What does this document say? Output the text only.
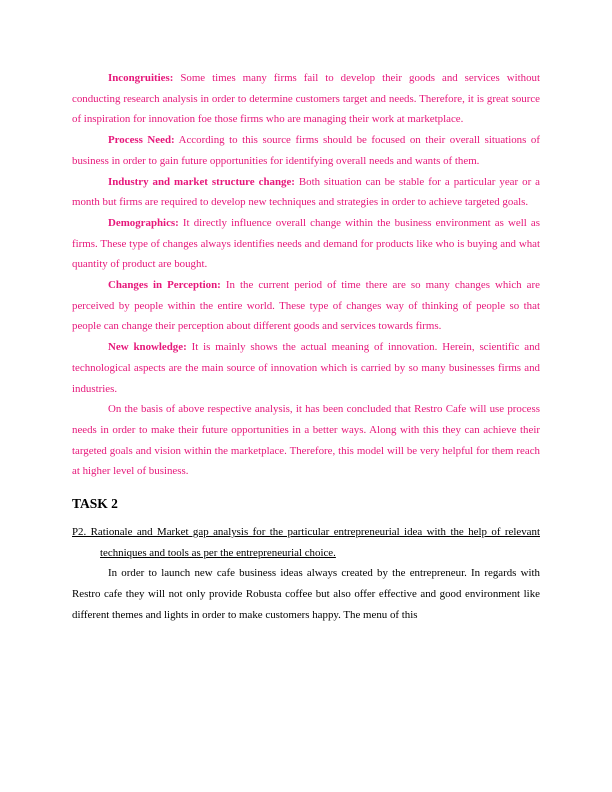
Incongruities: Some times many firms fail to develop their goods and services without conducting research analysis in order to determine customers target and needs. Therefore, it is great source of inspiration for innovation foe those firms who are managing their work at marketplace.

Process Need: According to this source firms should be focused on their overall situations of business in order to gain future opportunities for identifying overall needs and wants of them.

Industry and market structure change: Both situation can be stable for a particular year or a month but firms are required to develop new techniques and strategies in order to achieve targeted goals.

Demographics: It directly influence overall change within the business environment as well as firms. These type of changes always identifies needs and demand for products like who is buying and what quantity of product are bought.

Changes in Perception: In the current period of time there are so many changes which are perceived by people within the entire world. These type of changes way of thinking of people so that people can change their perception about different goods and services towards firms.

New knowledge: It is mainly shows the actual meaning of innovation. Herein, scientific and technological aspects are the main source of innovation which is carried by so many businesses firms and industries.

On the basis of above respective analysis, it has been concluded that Restro Cafe will use process needs in order to make their future opportunities in a better ways. Along with this they can achieve their targeted goals and vision within the marketplace. Therefore, this model will be very helpful for them reach at higher level of business.

TASK 2

P2. Rationale and Market gap analysis for the particular entrepreneurial idea with the help of relevant techniques and tools as per the entrepreneurial choice.

In order to launch new cafe business ideas always created by the entrepreneur. In regards with Restro cafe they will not only provide Robusta coffee but also offer effective and good environment like different themes and lights in order to make customers happy. The menu of this
